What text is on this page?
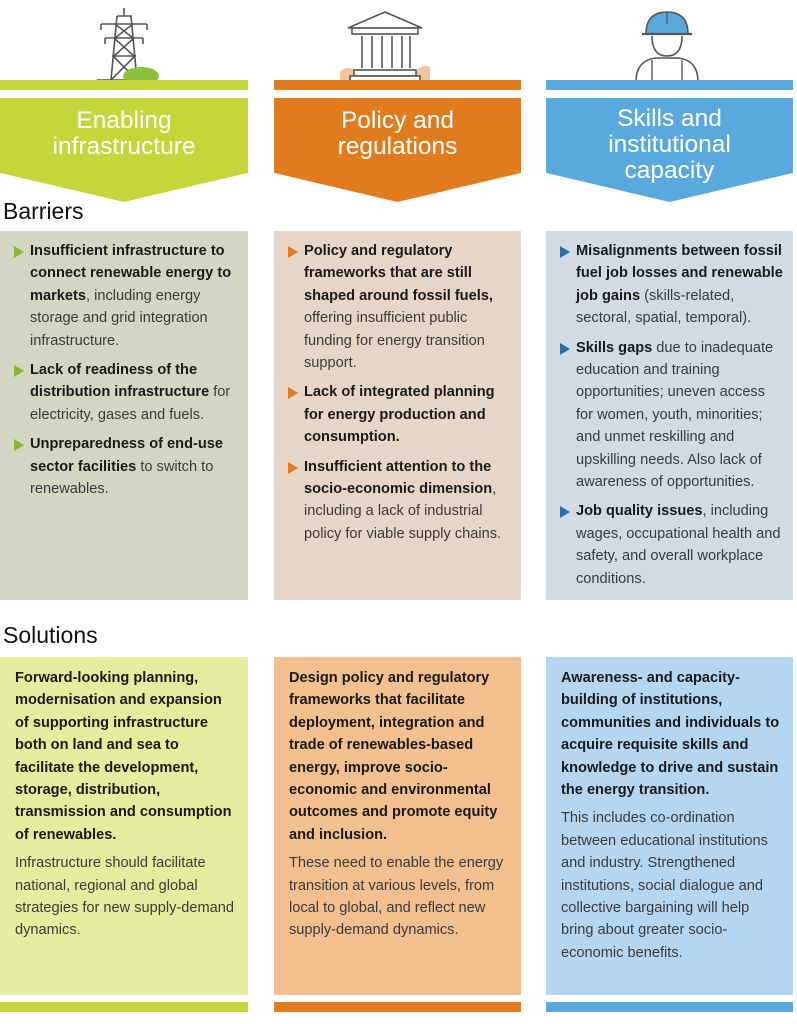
Enabling
infrastructure
Policy and
regulations
Skills and
institutional
capacity
Barriers
Solutions
Insufficient infrastructure to connect renewable energy to markets, including energy storage and grid integration infrastructure.
Lack of readiness of the distribution infrastructure for electricity, gases and fuels.
Unpreparedness of end-use sector facilities to switch to renewables.
Policy and regulatory frameworks that are still shaped around fossil fuels, offering insufficient public funding for energy transition support.
Lack of integrated planning for energy production and consumption.
Insufficient attention to the socio-economic dimension, including a lack of industrial policy for viable supply chains.
Misalignments between fossil fuel job losses and renewable job gains (skills-related, sectoral, spatial, temporal).
Skills gaps due to inadequate education and training opportunities; uneven access for women, youth, minorities; and unmet reskilling and upskilling needs. Also lack of awareness of opportunities.
Job quality issues, including wages, occupational health and safety, and overall workplace conditions.

Forward-looking planning, modernisation and expansion of supporting infrastructure both on land and sea to facilitate the development, storage, distribution, transmission and consumption of renewables.

Infrastructure should facilitate national, regional and global strategies for new supply-demand dynamics.

Design policy and regulatory frameworks that facilitate deployment, integration and trade of renewables-based energy, improve socio-economic and environmental outcomes and promote equity and inclusion.

These need to enable the energy transition at various levels, from local to global, and reflect new supply-demand dynamics.

Awareness- and capacity-building of institutions, communities and individuals to acquire requisite skills and knowledge to drive and sustain the energy transition.

This includes co-ordination between educational institutions and industry. Strengthened institutions, social dialogue and collective bargaining will help bring about greater socio-economic benefits.
